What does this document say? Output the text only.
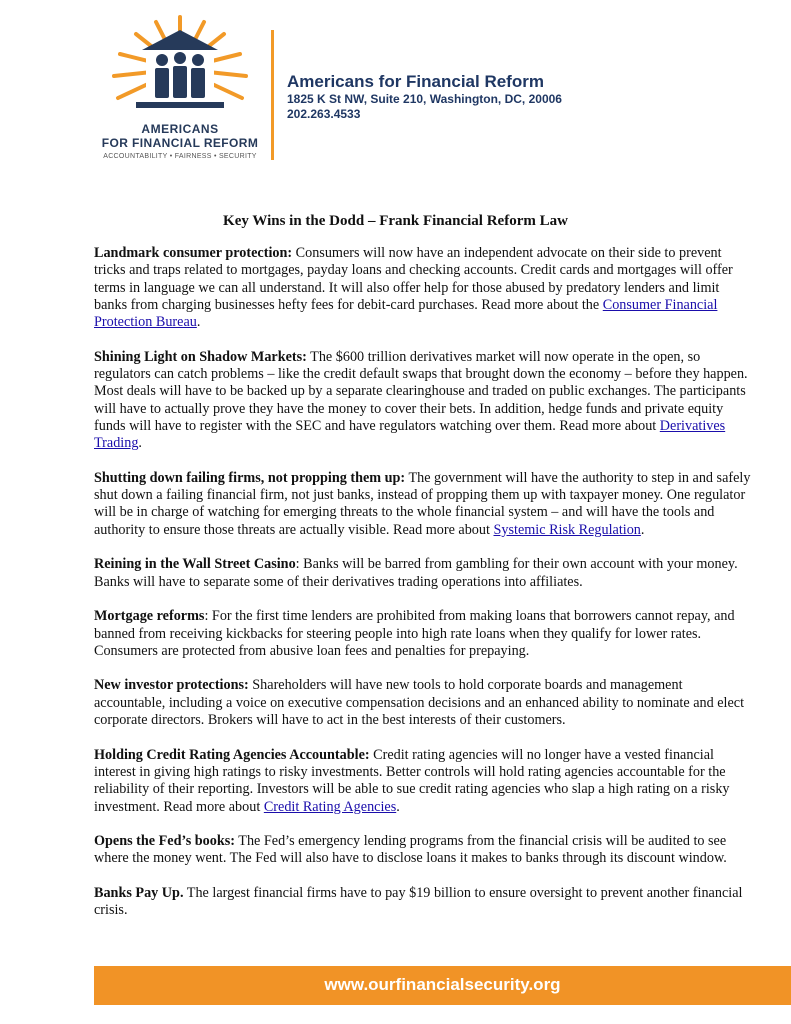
AMERICANS
FOR FINANCIAL REFORM
ACCOUNTABILITY • FAIRNESS • SECURITY
Americans for Financial Reform
1825 K St NW, Suite 210, Washington, DC, 20006
202.263.4533
Key Wins in the Dodd – Frank Financial Reform Law

Landmark consumer protection: Consumers will now have an independent advocate on their side to prevent tricks and traps related to mortgages, payday loans and checking accounts. Credit cards and mortgages will offer terms in language we can all understand. It will also offer help for those abused by predatory lenders and limit banks from charging businesses hefty fees for debit-card purchases. Read more about the Consumer Financial Protection Bureau.

Shining Light on Shadow Markets: The $600 trillion derivatives market will now operate in the open, so regulators can catch problems – like the credit default swaps that brought down the economy – before they happen. Most deals will have to be backed up by a separate clearinghouse and traded on public exchanges. The participants will have to actually prove they have the money to cover their bets. In addition, hedge funds and private equity funds will have to register with the SEC and have regulators watching over them. Read more about Derivatives Trading.

Shutting down failing firms, not propping them up: The government will have the authority to step in and safely shut down a failing financial firm, not just banks, instead of propping them up with taxpayer money. One regulator will be in charge of watching for emerging threats to the whole financial system – and will have the tools and authority to ensure those threats are actually visible. Read more about Systemic Risk Regulation.

Reining in the Wall Street Casino: Banks will be barred from gambling for their own account with your money. Banks will have to separate some of their derivatives trading operations into affiliates.

Mortgage reforms: For the first time lenders are prohibited from making loans that borrowers cannot repay, and banned from receiving kickbacks for steering people into high rate loans when they qualify for lower rates. Consumers are protected from abusive loan fees and penalties for prepaying.

New investor protections: Shareholders will have new tools to hold corporate boards and management accountable, including a voice on executive compensation decisions and an enhanced ability to nominate and elect corporate directors. Brokers will have to act in the best interests of their customers.

Holding Credit Rating Agencies Accountable: Credit rating agencies will no longer have a vested financial interest in giving high ratings to risky investments. Better controls will hold rating agencies accountable for the reliability of their reporting. Investors will be able to sue credit rating agencies who slap a high rating on a risky investment. Read more about Credit Rating Agencies.

Opens the Fed’s books: The Fed’s emergency lending programs from the financial crisis will be audited to see where the money went. The Fed will also have to disclose loans it makes to banks through its discount window.

Banks Pay Up. The largest financial firms have to pay $19 billion to ensure oversight to prevent another financial crisis.

www.ourfinancialsecurity.org
